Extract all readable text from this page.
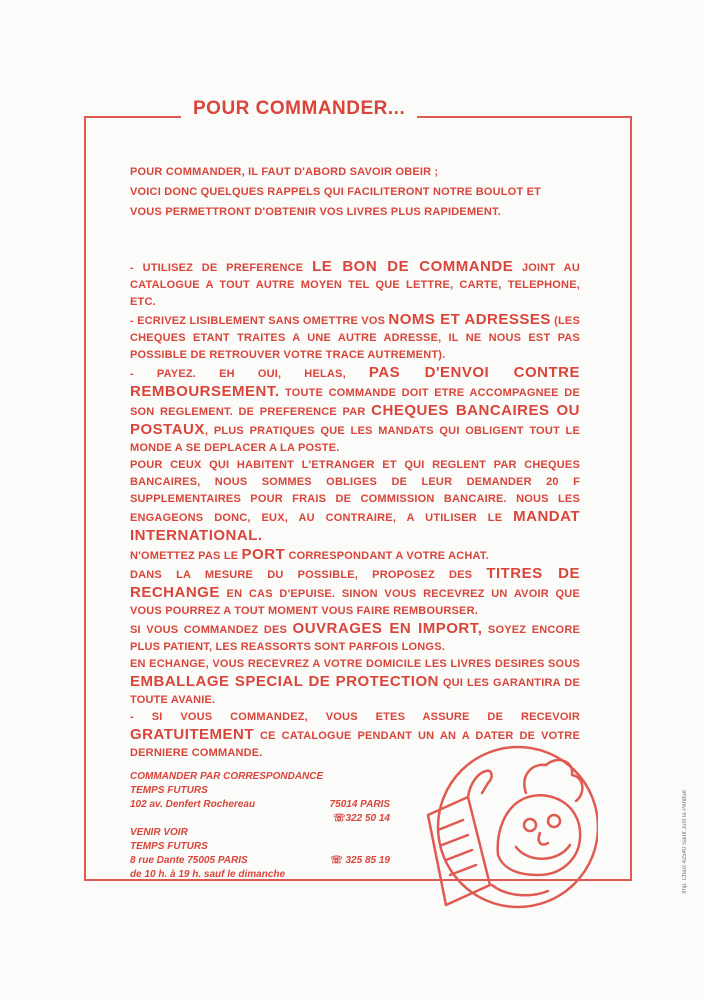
POUR COMMANDER...
POUR COMMANDER, IL FAUT D'ABORD SAVOIR OBEIR ;
VOICI DONC QUELQUES RAPPELS QUI FACILITERONT NOTRE BOULOT ET
VOUS PERMETTRONT D'OBTENIR VOS LIVRES PLUS RAPIDEMENT.
- UTILISEZ DE PREFERENCE LE BON DE COMMANDE JOINT AU CATALOGUE A TOUT AUTRE MOYEN TEL QUE LETTRE, CARTE, TELEPHONE, ETC.
- ECRIVEZ LISIBLEMENT SANS OMETTRE VOS NOMS ET ADRESSES (LES CHEQUES ETANT TRAITES A UNE AUTRE ADRESSE, IL NE NOUS EST PAS POSSIBLE DE RETROUVER VOTRE TRACE AUTREMENT).
- PAYEZ. EH OUI, HELAS, PAS D'ENVOI CONTRE REMBOURSEMENT. TOUTE COMMANDE DOIT ETRE ACCOMPAGNEE DE SON REGLEMENT. DE PREFERENCE PAR CHEQUES BANCAIRES OU POSTAUX, PLUS PRATIQUES QUE LES MANDATS QUI OBLIGENT TOUT LE MONDE A SE DEPLACER A LA POSTE.
POUR CEUX QUI HABITENT L'ETRANGER ET QUI REGLENT PAR CHEQUES BANCAIRES, NOUS SOMMES OBLIGES DE LEUR DEMANDER 20 F SUPPLEMENTAIRES POUR FRAIS DE COMMISSION BANCAIRE. NOUS LES ENGAGEONS DONC, EUX, AU CONTRAIRE, A UTILISER LE MANDAT INTERNATIONAL.
N'OMETTEZ PAS LE PORT CORRESPONDANT A VOTRE ACHAT.
DANS LA MESURE DU POSSIBLE, PROPOSEZ DES TITRES DE RECHANGE EN CAS D'EPUISE. SINON VOUS RECEVREZ UN AVOIR QUE VOUS POURREZ A TOUT MOMENT VOUS FAIRE REMBOURSER.
SI VOUS COMMANDEZ DES OUVRAGES EN IMPORT, SOYEZ ENCORE PLUS PATIENT, LES REASSORTS SONT PARFOIS LONGS.
EN ECHANGE, VOUS RECEVREZ A VOTRE DOMICILE LES LIVRES DESIRES SOUS EMBALLAGE SPECIAL DE PROTECTION QUI LES GARANTIRA DE TOUTE AVANIE.
- SI VOUS COMMANDEZ, VOUS ETES ASSURE DE RECEVOIR GRATUITEMENT CE CATALOGUE PENDANT UN AN A DATER DE VOTRE DERNIERE COMMANDE.
COMMANDER PAR CORRESPONDANCE
TEMPS FUTURS
102 av. Denfert Rochereau	75014 PARIS
☏ 322 50 14
VENIR VOIR
TEMPS FUTURS
8 rue Dante 75005 PARIS	☏ 325 85 19
de 10 h. à 19 h. sauf le dimanche	Imp. Chaix 42540 Saint Just la Pendue
